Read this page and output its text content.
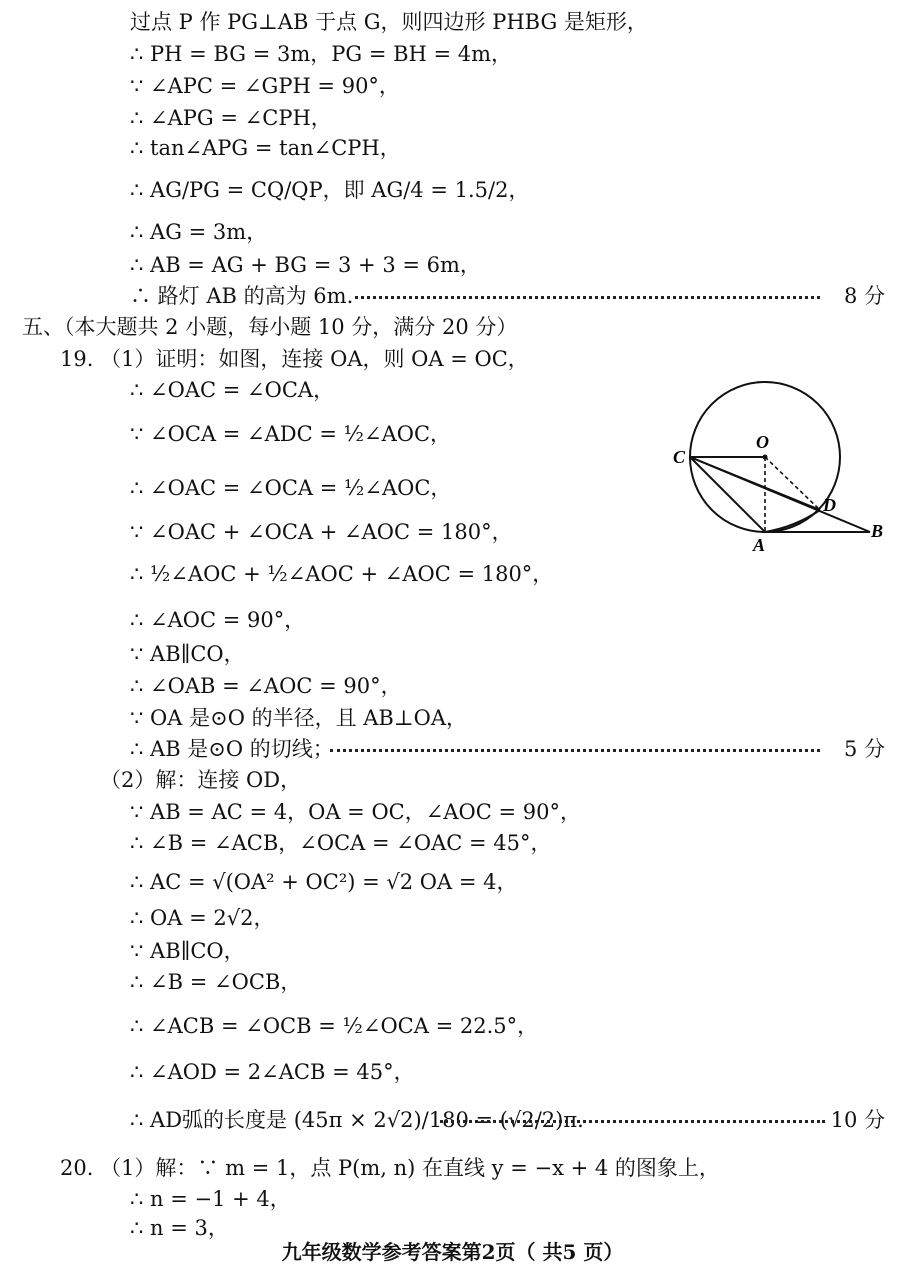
过点 P 作 PG⊥AB 于点 G，则四边形 PHBG 是矩形，
∴ PH = BG = 3m，PG = BH = 4m，
∵ ∠APC = ∠GPH = 90°，
∴ ∠APG = ∠CPH，
∴ tan∠APG = tan∠CPH，
∴ AG/PG = CQ/QP，即 AG/4 = 1.5/2，
∴ AG = 3m，
∴ AB = AG + BG = 3 + 3 = 6m，
∴ 路灯 AB 的高为 6m.	8 分
五、（本大题共 2 小题，每小题 10 分，满分 20 分）
19. （1）证明：如图，连接 OA，则 OA = OC，
∴ ∠OAC = ∠OCA，
∵ ∠OCA = ∠ADC = ½∠AOC，
∴ ∠OAC = ∠OCA = ½∠AOC，
∵ ∠OAC + ∠OCA + ∠AOC = 180°，
∴ ½∠AOC + ½∠AOC + ∠AOC = 180°，
∴ ∠AOC = 90°，
∵ AB∥CO，
∴ ∠OAB = ∠AOC = 90°，
∵ OA 是⊙O 的半径，且 AB⊥OA，
∴ AB 是⊙O 的切线；	5 分
（2）解：连接 OD，
∵ AB = AC = 4，OA = OC，∠AOC = 90°，
∴ ∠B = ∠ACB，∠OCA = ∠OAC = 45°，
∴ AC = √(OA² + OC²) = √2 OA = 4，
∴ OA = 2√2，
∵ AB∥CO，
∴ ∠B = ∠OCB，
∴ ∠ACB = ∠OCB = ½∠OCA = 22.5°，
∴ ∠AOD = 2∠ACB = 45°，
∴ AD弧的长度是 (45π × 2√2)/180 = (√2/2)π.	10 分
20. （1）解：∵ m = 1，点 P(m, n) 在直线 y = −x + 4 的图象上，
∴ n = −1 + 4，
∴ n = 3，
C
O
D
A
B
九年级数学参考答案第2页（ 共5 页）
